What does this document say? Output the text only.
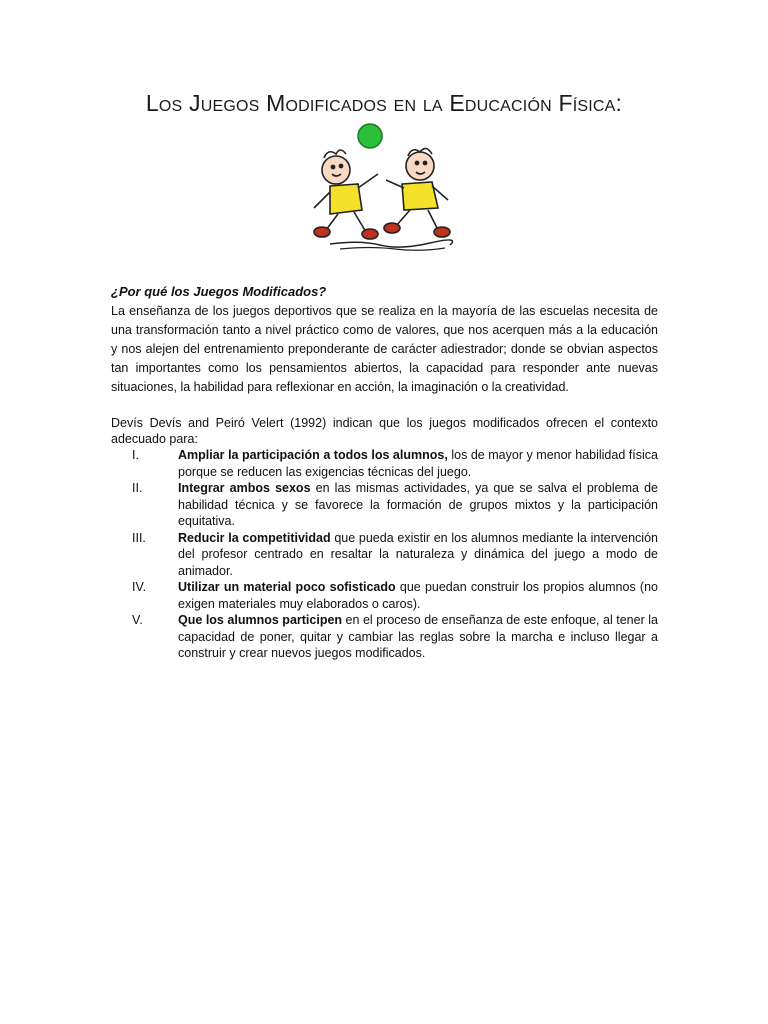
Los Juegos Modificados en la Educación Física:

¿Por qué los Juegos Modificados?

La enseñanza de los juegos deportivos que se realiza en la mayoría de las escuelas necesita de una transformación tanto a nivel práctico como de valores, que nos acerquen más a la educación y nos alejen del entrenamiento preponderante de carácter adiestrador; donde se obvian aspectos tan importantes como los pensamientos abiertos, la capacidad para responder ante nuevas situaciones, la habilidad para reflexionar en acción, la imaginación o la creatividad.

Devís Devís and Peiró Velert (1992) indican que los juegos modificados ofrecen el contexto adecuado para:

I.	Ampliar la participación a todos los alumnos, los de mayor y menor habilidad física porque se reducen las exigencias técnicas del juego.
II.	Integrar ambos sexos en las mismas actividades, ya que se salva el problema de habilidad técnica y se favorece la formación de grupos mixtos y la participación equitativa.
III.	Reducir la competitividad que pueda existir en los alumnos mediante la intervención del profesor centrado en resaltar la naturaleza y dinámica del juego a modo de animador.
IV.	Utilizar un material poco sofisticado que puedan construir los propios alumnos (no exigen materiales muy elaborados o caros).
V.	Que los alumnos participen en el proceso de enseñanza de este enfoque, al tener la capacidad de poner, quitar y cambiar las reglas sobre la marcha e incluso llegar a construir y crear nuevos juegos modificados.
